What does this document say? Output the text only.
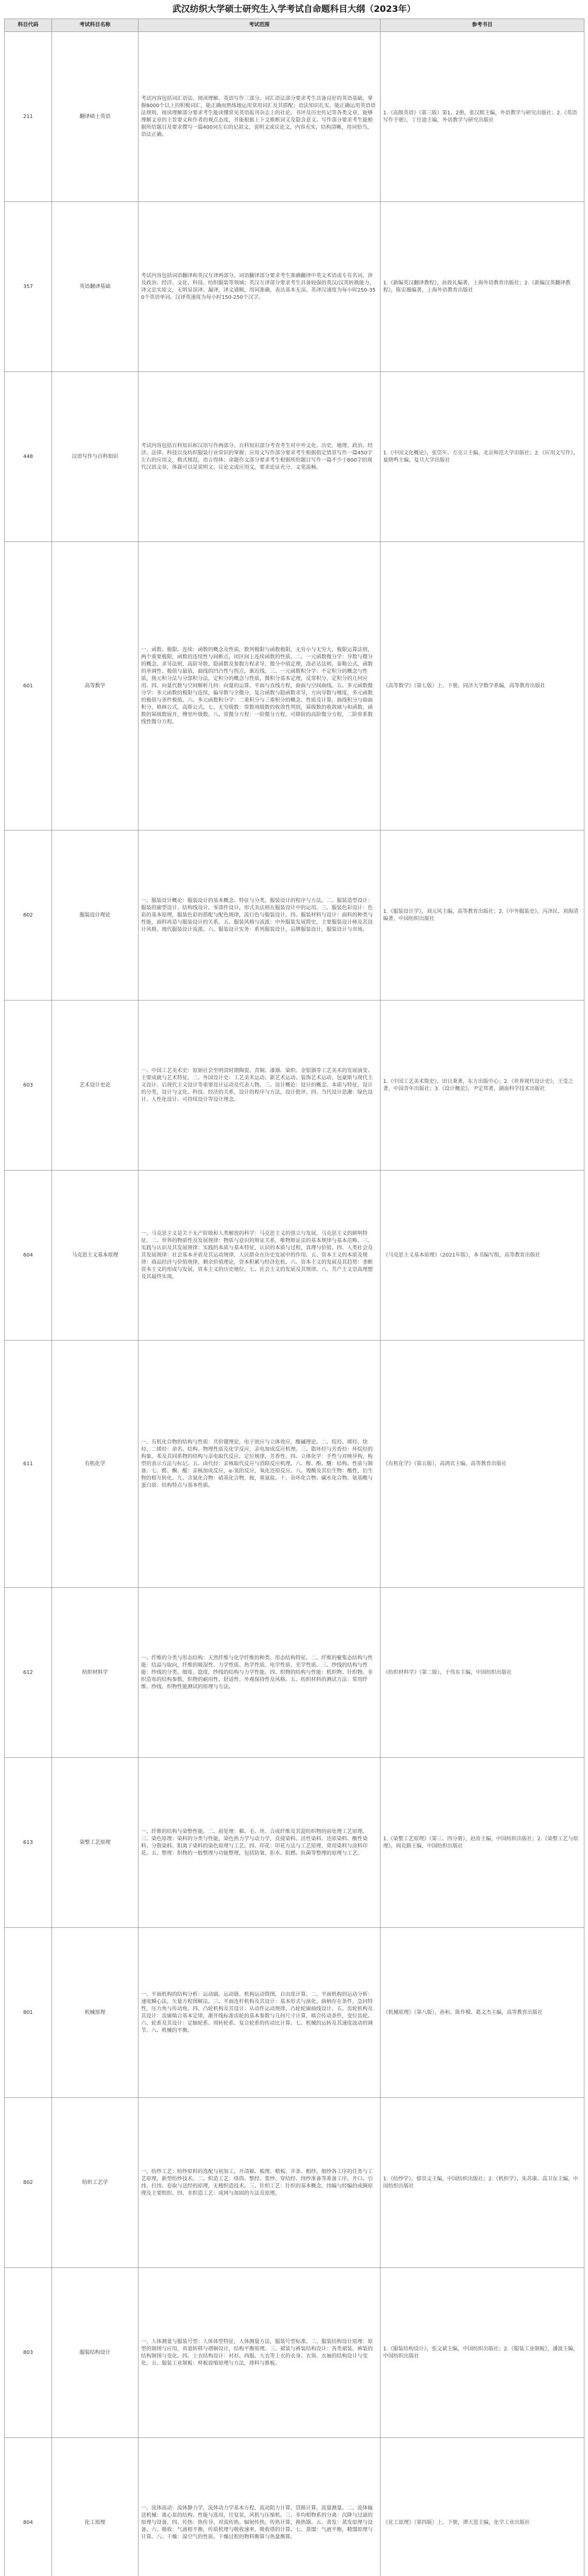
武汉纺织大学硕士研究生入学考试自命题科目大纲（2023年）
科目代码	考试科目名称	考试范围	参考书目
211	翻译硕士英语	考试内容包括词汇语法、阅读理解、英语写作三部分。词汇语法部分要求考生具备良好的英语基础，掌握8000个以上的积极词汇，能正确而熟练地运用常用词汇及其搭配；语法知识扎实，能正确运用英语语法规则。阅读理解部分要求考生能读懂常见英语报刊杂志上的社论、书评及历史传记等各类文章，能够理解文章的主旨要义和作者的观点态度，并能根据上下文推断词义及隐含意义。写作部分要求考生能根据所给题目及要求撰写一篇400词左右的记叙文、说明文或议论文，内容充实，结构清晰，用词恰当，语法正确。	1.《高级英语》（第三版）第1、2册，张汉熙主编，外语教学与研究出版社；2.《英语写作手册》，丁往道主编，外语教学与研究出版社
357	英语翻译基础	考试内容包括词语翻译和英汉互译两部分。词语翻译部分要求考生准确翻译中英文术语或专有名词，涉及政治、经济、文化、科技、纺织服装等领域；英汉互译部分要求考生具备较强的英汉/汉英转换能力，译文忠实原文，无明显误译、漏译，译文通顺，用词准确，表达基本无误。英译汉速度为每小时250-350个英语单词，汉译英速度为每小时150-250个汉字。	1.《新编英汉翻译教程》，孙致礼编著，上海外语教育出版社；2.《新编汉英翻译教程》，陈宏薇编著，上海外语教育出版社
448	汉语写作与百科知识	考试内容包括百科知识和汉语写作两部分。百科知识部分考查考生对中外文化、历史、地理、政治、经济、法律、科技以及纺织服装行业常识的掌握；应用文写作部分要求考生根据指定情景写作一篇450字左右的应用文，格式规范，语言得体；命题作文部分要求考生根据所给题目写作一篇不少于800字的现代汉语文章，体裁可以是说明文、议论文或应用文，要求论证充分，文笔流畅。	1.《中国文化概论》，张岱年、方克立主编，北京师范大学出版社；2.《应用文写作》，夏晓鸣主编，复旦大学出版社
601	高等数学	一、函数、极限、连续：函数的概念及性质，数列极限与函数极限，无穷小与无穷大，极限运算法则，两个重要极限，函数的连续性与间断点，闭区间上连续函数的性质。二、一元函数微分学：导数与微分的概念，求导法则，高阶导数，隐函数及参数方程求导，微分中值定理，洛必达法则，泰勒公式，函数的单调性、极值与最值，曲线的凹凸性与拐点，渐近线。三、一元函数积分学：不定积分的概念与性质，换元积分法与分部积分法，定积分的概念与性质，微积分基本定理，反常积分，定积分的几何应用。四、向量代数与空间解析几何：向量的运算，平面与直线方程，曲面与空间曲线。五、多元函数微分学：多元函数的极限与连续，偏导数与全微分，复合函数与隐函数求导，方向导数与梯度，多元函数的极值与条件极值。六、多元函数积分学：二重积分与三重积分的概念、性质及计算，曲线积分与曲面积分，格林公式，高斯公式。七、无穷级数：常数项级数的收敛性判别，幂级数的收敛域与和函数，函数的幂级数展开，傅里叶级数。八、常微分方程：一阶微分方程，可降阶的高阶微分方程，二阶常系数线性微分方程。	《高等数学》（第七版）上、下册，同济大学数学系编，高等教育出版社
602	服装设计理论	一、服装设计概论：服装设计的基本概念、特征与分类，服装设计的程序与方法。二、服装造型设计：服装的廓型设计、结构线设计、零部件设计，形式美法则在服装设计中的运用。三、服装色彩设计：色彩的基本原理，服装色彩的搭配与配色规律，流行色与服装设计。四、服装材料与设计：面料的种类与性能，面料再造与服装设计的关系。五、服装风格与流派：中外服装发展简史，主要服装设计师及其设计风格，现代服装设计流派。六、服装设计实务：系列服装设计，品牌服装设计，服装设计与市场。	1.《服装设计学》，刘元风主编，高等教育出版社；2.《中外服装史》，冯泽民、刘海清编著，中国纺织出版社
603	艺术设计史论	一、中国工艺美术史：原始社会至明清时期陶瓷、青铜、漆器、染织、金银器等工艺美术的发展演变、主要成就与艺术特征。二、外国设计史：工艺美术运动、新艺术运动、装饰艺术运动、包豪斯与现代主义设计、后现代主义设计等重要设计运动及代表人物。三、设计概论：设计的概念、本质与特征，设计的分类，设计与文化、科技、经济的关系，设计的程序与方法，设计批评。四、当代设计思潮：绿色设计、人性化设计、可持续设计等设计理念。	1.《中国工艺美术简史》，田自秉著，东方出版中心；2.《世界现代设计史》，王受之著，中国青年出版社；3.《设计概论》，尹定邦著，湖南科学技术出版社
604	马克思主义基本原理	一、马克思主义是关于无产阶级和人类解放的科学：马克思主义的创立与发展，马克思主义的鲜明特征。二、世界的物质性及发展规律：物质与意识的辩证关系，唯物辩证法的基本规律与基本范畴。三、实践与认识及其发展规律：实践的本质与基本特征，认识的本质与过程，真理与价值。四、人类社会及其发展规律：社会基本矛盾及其运动规律，人民群众在历史发展中的作用。五、资本主义的本质及规律：商品经济与价值规律，剩余价值理论，资本积累与经济危机。六、资本主义的发展及其趋势：垄断资本主义的形成与发展，资本主义的历史地位。七、社会主义的发展及其规律。八、共产主义崇高理想及其最终实现。	《马克思主义基本原理》（2021年版），本书编写组，高等教育出版社
611	有机化学	一、有机化合物的结构与性质：共价键理论，电子效应与立体效应，酸碱理论。二、烷烃、烯烃、炔烃、二烯烃：命名、结构、物理性质及化学反应，亲电加成反应机理。三、脂环烃与芳香烃：环烷烃的构象，苯及其同系物的结构与亲电取代反应，定位规律，芳香性。四、立体化学：手性与对映异构，构型的表示方法与标记。五、卤代烃：亲核取代反应与消除反应机理。六、醇、酚、醚：结构、性质与制备。七、醛、酮、醌：亲核加成反应，α-氢的反应，氧化还原反应。八、羧酸及其衍生物：酸性，衍生物的相互转化。九、含氮化合物：硝基化合物，胺，重氮盐。十、杂环化合物、碳水化合物、氨基酸与蛋白质：结构特点与基本性质。	《有机化学》（第五版），高鸿宾主编，高等教育出版社
612	纺织材料学	一、纤维的分类与形态结构：天然纤维与化学纤维的种类、形态结构特征。二、纤维的聚集态结构与性能：结晶与取向，纤维的吸湿性、力学性质、热学性质、电学性质、光学性质。三、纱线的结构与性能：纱线的分类、细度、捻度，纱线的结构与力学性能。四、织物的结构与性能：机织物、针织物、非织造布的结构参数，织物的耐用性、舒适性、外观保持性及风格。五、纺织材料的测试方法：常用纤维、纱线、织物性能测试的原理与方法。	《纺织材料学》（第二版），于伟东主编，中国纺织出版社
613	染整工艺原理	一、纤维的结构与染整性能。二、前处理：棉、毛、丝、合成纤维及其混纺织物的前处理工艺原理。三、染色原理：染料的分类与性能，染色热力学与动力学，直接染料、活性染料、还原染料、酸性染料、分散染料、阳离子染料的染色原理与工艺。四、印花：印花方法与工艺原理，常用染料与涂料印花。五、整理：织物的一般整理与功能整理，包括防皱、拒水、阻燃、抗菌等整理的原理与工艺。	1.《染整工艺原理》（第三、四分册），赵涛主编，中国纺织出版社；2.《染整工艺与原理》，阎克路主编，中国纺织出版社
801	机械原理	一、平面机构的结构分析：运动副、运动链、机构运动简图，自由度计算。二、平面机构的运动分析：速度瞬心法，矢量方程图解法。三、平面连杆机构及其设计：基本形式与演化，曲柄存在条件，急回特性，压力角与传动角。四、凸轮机构及其设计：从动件运动规律，凸轮轮廓曲线设计。五、齿轮机构及其设计：齿廓啮合基本定律，渐开线标准齿轮的基本参数与几何尺寸计算，啮合传动条件，变位齿轮。六、轮系及其设计：定轴轮系、周转轮系、复合轮系的传动比计算。七、机械的运转及其速度波动的调节。八、机械的平衡。	《机械原理》（第八版），孙桓、陈作模、葛文杰主编，高等教育出版社
802	纺织工艺学	一、纺纱工艺：纺纱原料的选配与初加工，开清棉、梳理、精梳、并条、粗纱、细纱各工序的任务与工艺原理，新型纺纱技术。二、织造工艺：络筒、整经、浆纱、穿结经、纬纱准备等准备工序，开口、引纬、打纬、卷取与送经的原理，无梭织造技术。三、针织工艺：针织的基本概念，纬编与经编的成圈原理及主要组织。四、非织造工艺：成网与加固的方法及原理。	1.《纺纱学》，郁崇文主编，中国纺织出版社；2.《机织学》，朱苏康、高卫东主编，中国纺织出版社
803	服装结构设计	一、人体测量与服装号型：人体体型特征，人体测量方法，服装号型标准。二、服装结构设计原理：原型的制图与应用，省道转移与褶裥设计，结构平衡原理。三、裙装与裤装结构设计：各类裙装、裤装的结构制图与变化。四、上衣结构设计：衬衫、西服、大衣等上衣的衣身、衣领、衣袖的结构设计与变化。五、服装工业制板：样板放缩原理与方法，排料与推板。	1.《服装结构设计》，张文斌主编，中国纺织出版社；2.《服装工业制板》，潘波主编，中国纺织出版社
804	化工原理	一、流体流动：流体静力学，流体动力学基本方程，流动阻力计算，管路计算，流量测量。二、流体输送机械：离心泵的结构、性能与选用，往复泵，风机与压缩机。三、非均相物系的分离：沉降与过滤的原理与设备。四、传热：热传导、对流传热、辐射传热，传热计算，换热器。五、蒸发：蒸发原理与设备。六、吸收：气液相平衡，传质机理与吸收速率，吸收塔的计算。七、蒸馏：气液平衡，精馏原理与计算。八、干燥：湿空气的性质，干燥过程的物料衡算与热量衡算。	《化工原理》（第四版）上、下册，谭天恩主编，化学工业出版社
